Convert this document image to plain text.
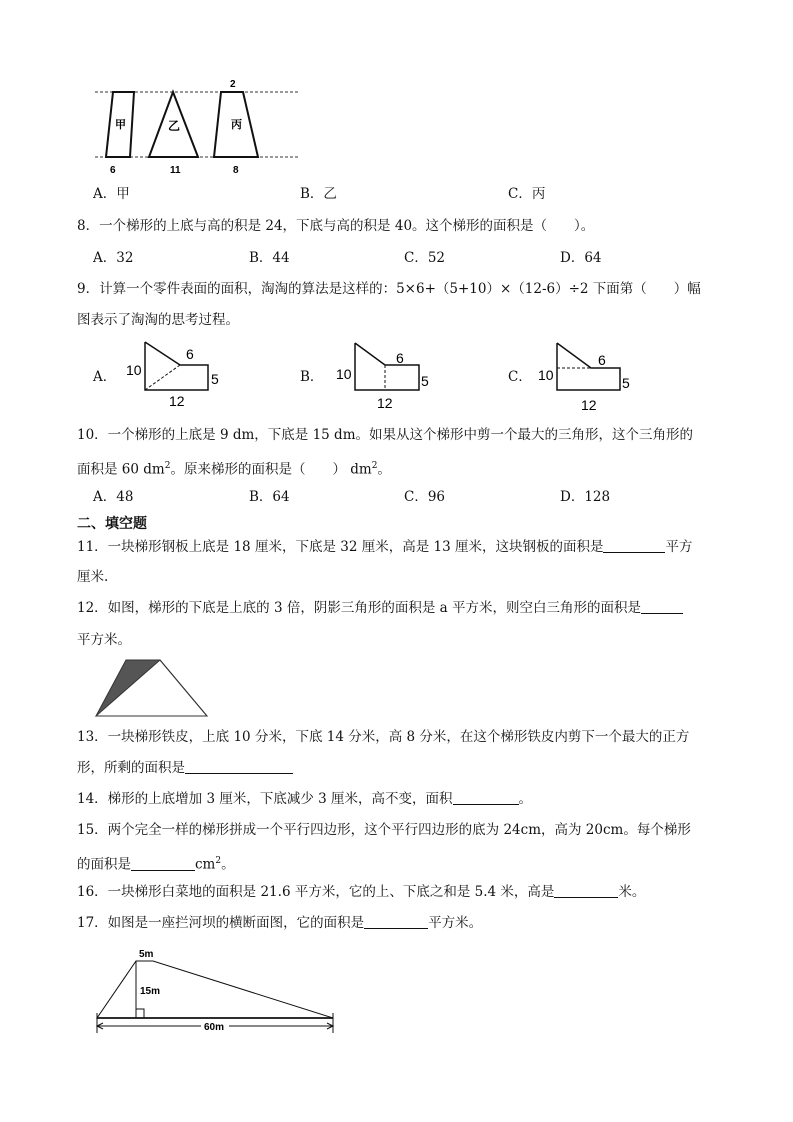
甲	乙	丙
2
6	11	8
A．甲	B．乙	C．丙
8．一个梯形的上底与高的积是 24，下底与高的积是 40。这个梯形的面积是（　　）。
A．32	B．44	C．52	D．64
9．计算一个零件表面的面积，淘淘的算法是这样的：5×6+（5+10）×（12-6）÷2 下面第（　　）幅
图表示了淘淘的思考过程。
A． 10
6
5
12
B． 10
6
5
12
C． 10
6
5
12
10．一个梯形的上底是 9 dm，下底是 15 dm。如果从这个梯形中剪一个最大的三角形，这个三角形的
面积是 60 $dm^2$。原来梯形的面积是（　　） $dm^2$。
A．48	B．64	C．96	D．128
二、填空题
11．一块梯形钢板上底是 18 厘米，下底是 32 厘米，高是 13 厘米，这块钢板的面积是	平方
厘米.
12．如图，梯形的下底是上底的 3 倍，阴影三角形的面积是 a 平方米，则空白三角形的面积是
平方米。
13．一块梯形铁皮，上底 10 分米，下底 14 分米，高 8 分米，在这个梯形铁皮内剪下一个最大的正方
形，所剩的面积是
14．梯形的上底增加 3 厘米，下底减少 3 厘米，高不变，面积	。
15．两个完全一样的梯形拼成一个平行四边形，这个平行四边形的底为 24cm，高为 20cm。每个梯形
的面积是	$cm^2$。
16．一块梯形白菜地的面积是 21.6 平方米，它的上、下底之和是 5.4 米，高是	米。
17．如图是一座拦河坝的横断面图，它的面积是	平方米。
5m
15m
60m
